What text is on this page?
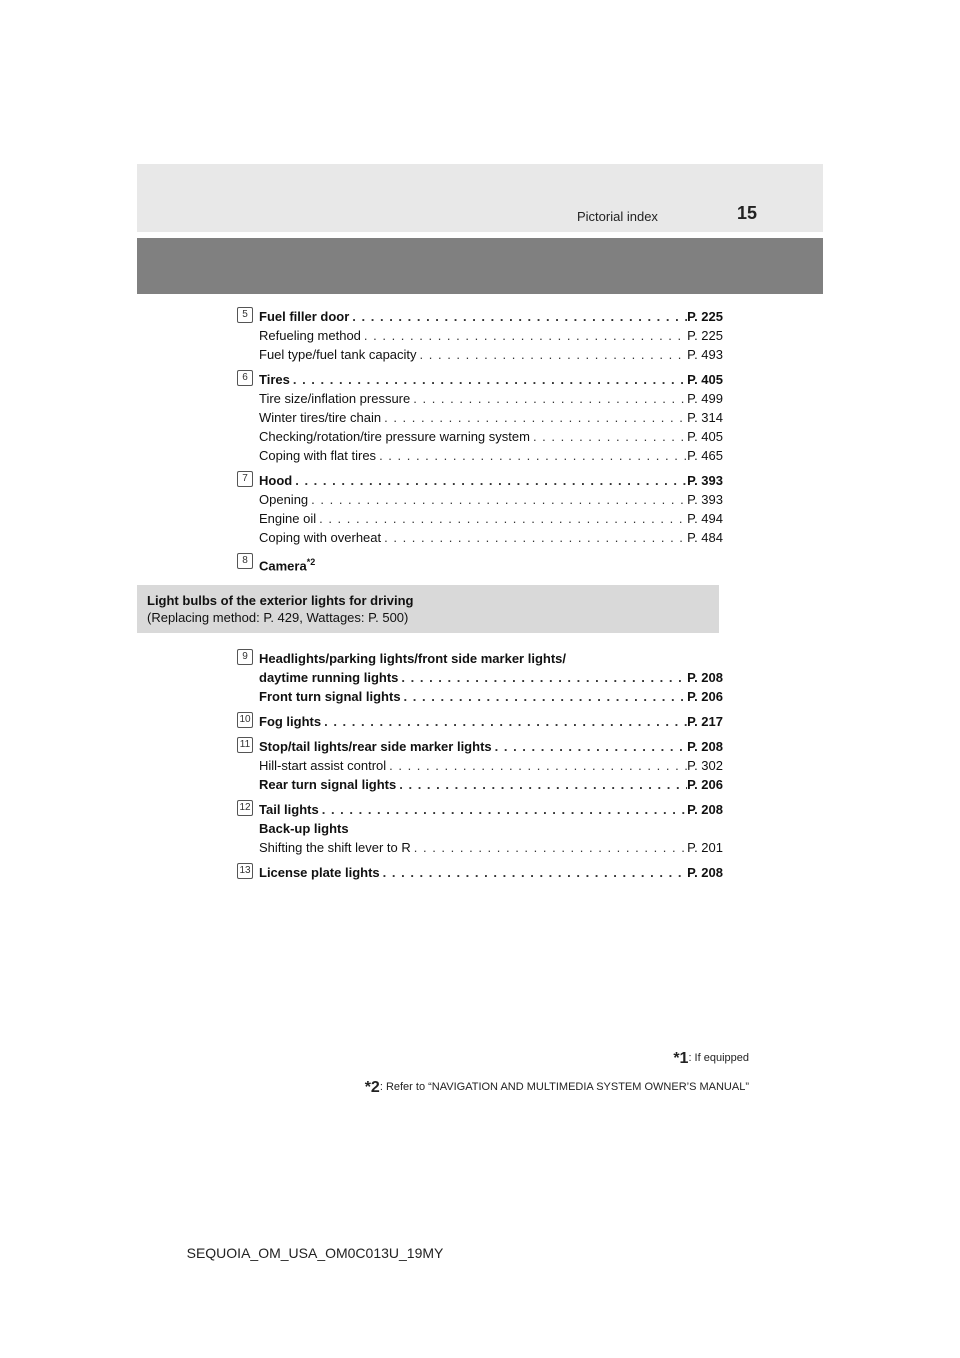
Pictorial index	15
5 Fuel filler door . . .	P. 225
Refueling method . . .	P. 225
Fuel type/fuel tank capacity . . .	P. 493
6 Tires . . .	P. 405
Tire size/inflation pressure . . .	P. 499
Winter tires/tire chain . . .	P. 314
Checking/rotation/tire pressure warning system . . .	P. 405
Coping with flat tires . . .	P. 465
7 Hood . . .	P. 393
Opening . . .	P. 393
Engine oil . . .	P. 494
Coping with overheat . . .	P. 484
8 Camera$^{*2}$
Light bulbs of the exterior lights for driving
(Replacing method: P. 429, Wattages: P. 500)
9 Headlights/parking lights/front side marker lights/
daytime running lights . . .	P. 208
Front turn signal lights . . .	P. 206
10 Fog lights . . .	P. 217
11 Stop/tail lights/rear side marker lights . . .	P. 208
Hill-start assist control . . .	P. 302
Rear turn signal lights . . .	P. 206
12 Tail lights . . .	P. 208
Back-up lights
Shifting the shift lever to R . . .	P. 201
13 License plate lights . . .	P. 208
*1: If equipped
*2: Refer to “NAVIGATION AND MULTIMEDIA SYSTEM OWNER’S MANUAL”
SEQUOIA_OM_USA_OM0C013U_19MY
